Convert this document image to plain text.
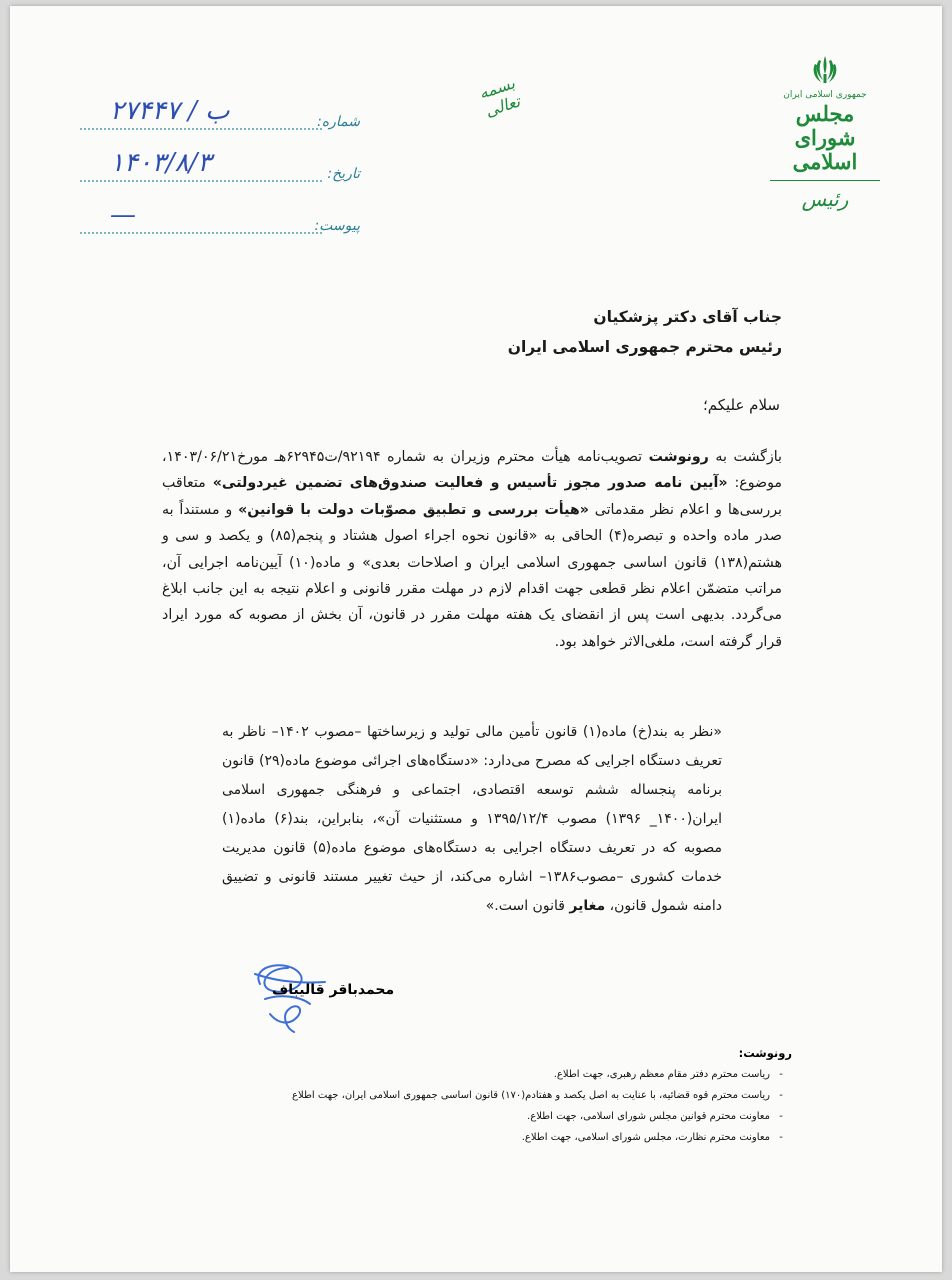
جمهوری اسلامی ایران
مجلس شورای اسلامی
رئیس
بسمه تعالی
شماره:
۲۷۴۴۷ / ب
تاریخ:
۱۴۰۳/۸/۳
پیوست:
—
جناب آقای دکتر پزشکیان
رئیس محترم جمهوری اسلامی ایران
سلام علیکم؛
بازگشت به رونوشت تصویب‌نامه هیأت محترم وزیران به شماره ۹۲۱۹۴/ت۶۲۹۴۵هـ مورخ۱۴۰۳/۰۶/۲۱، موضوع: «آیین نامه صدور مجوز تأسیس و فعالیت صندوق‌های تضمین غیردولتی» متعاقب بررسی‌ها و اعلام نظر مقدماتی «هیأت بررسی و تطبیق مصوّبات دولت با قوانین» و مستنداً به صدر ماده واحده و تبصره(۴) الحاقی به «قانون نحوه اجراء اصول هشتاد و پنجم(۸۵) و یکصد و سی و هشتم(۱۳۸) قانون اساسی جمهوری اسلامی ایران و اصلاحات بعدی» و ماده(۱۰) آیین‌نامه اجرایی آن، مراتب متضمّن اعلام نظر قطعی جهت اقدام لازم در مهلت مقرر قانونی و اعلام نتیجه به این جانب ابلاغ می‌گردد. بدیهی است پس از انقضای یک هفته مهلت مقرر در قانون، آن بخش از مصوبه که مورد ایراد قرار گرفته است، ملغی‌الاثر خواهد بود.
«نظر به بند(خ) ماده(۱) قانون تأمین مالی تولید و زیرساختها –مصوب ۱۴۰۲– ناظر به تعریف دستگاه اجرایی که مصرح می‌دارد: «دستگاه‌های اجرائی موضوع ماده(۲۹) قانون برنامه پنجساله ششم توسعه اقتصادی، اجتماعی و فرهنگی جمهوری اسلامی ایران(۱۴۰۰_ ۱۳۹۶) مصوب ۱۳۹۵/۱۲/۴ و مستثنیات آن»، بنابراین، بند(۶) ماده(۱) مصوبه که در تعریف دستگاه اجرایی به دستگاه‌های موضوع ماده(۵) قانون مدیریت خدمات کشوری –مصوب۱۳۸۶– اشاره می‌کند، از حیث تغییر مستند قانونی و تضییق دامنه شمول قانون، مغایر قانون است.»
محمدباقر قالیباف
رونوشت:
-ریاست محترم دفتر مقام معظم رهبری، جهت اطلاع.
-ریاست محترم قوه قضائیه، با عنایت به اصل یکصد و هفتادم(۱۷۰) قانون اساسی جمهوری اسلامی ایران، جهت اطلاع
-معاونت محترم قوانین مجلس شورای اسلامی، جهت اطلاع.
-معاونت محترم نظارت، مجلس شورای اسلامی، جهت اطلاع.
